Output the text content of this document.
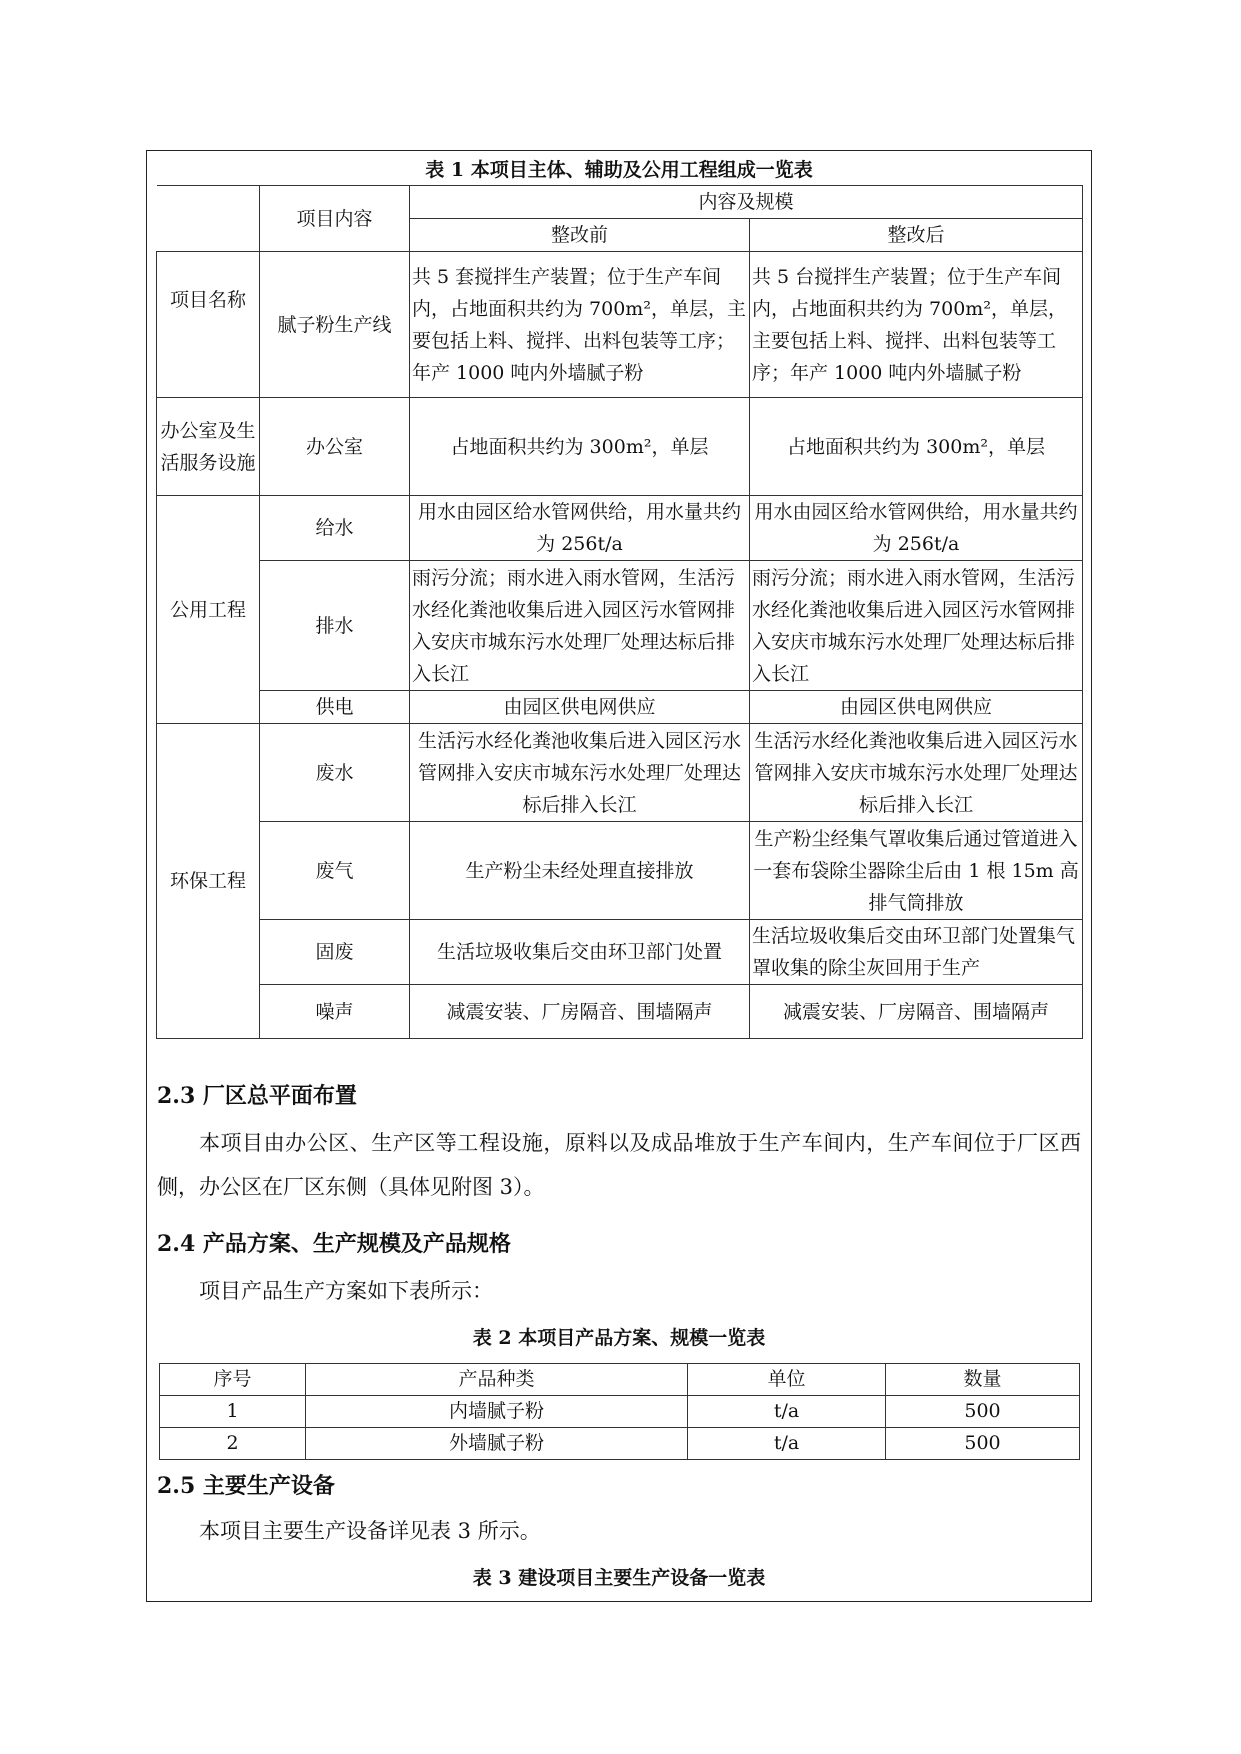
表 1 本项目主体、辅助及公用工程组成一览表
	项目内容	内容及规模	
		整改前	整改后
项目名称	腻子粉生产线	共 5 套搅拌生产装置；位于生产车间内，占地面积共约为 700m²，单层，主要包括上料、搅拌、出料包装等工序；年产 1000 吨内外墙腻子粉	共 5 台搅拌生产装置；位于生产车间内，占地面积共约为 700m²，单层，主要包括上料、搅拌、出料包装等工序；年产 1000 吨内外墙腻子粉
办公室及生活服务设施	办公室	占地面积共约为 300m²，单层	占地面积共约为 300m²，单层
公用工程	给水	用水由园区给水管网供给，用水量共约为 256t/a	用水由园区给水管网供给，用水量共约为 256t/a
	排水	雨污分流；雨水进入雨水管网，生活污水经化粪池收集后进入园区污水管网排入安庆市城东污水处理厂处理达标后排入长江	雨污分流；雨水进入雨水管网，生活污水经化粪池收集后进入园区污水管网排入安庆市城东污水处理厂处理达标后排入长江
	供电	由园区供电网供应	由园区供电网供应
环保工程	废水	生活污水经化粪池收集后进入园区污水管网排入安庆市城东污水处理厂处理达标后排入长江	生活污水经化粪池收集后进入园区污水管网排入安庆市城东污水处理厂处理达标后排入长江
	废气	生产粉尘未经处理直接排放	生产粉尘经集气罩收集后通过管道进入一套布袋除尘器除尘后由 1 根 15m 高排气筒排放
	固废	生活垃圾收集后交由环卫部门处置	生活垃圾收集后交由环卫部门处置集气罩收集的除尘灰回用于生产
	噪声	减震安装、厂房隔音、围墙隔声	减震安装、厂房隔音、围墙隔声
2.3 厂区总平面布置
本项目由办公区、生产区等工程设施，原料以及成品堆放于生产车间内，生产车间位于厂区西侧，办公区在厂区东侧（具体见附图 3）。
2.4 产品方案、生产规模及产品规格
项目产品生产方案如下表所示：
表 2 本项目产品方案、规模一览表
序号	产品种类	单位	数量
1	内墙腻子粉	t/a	500
2	外墙腻子粉	t/a	500
2.5 主要生产设备
本项目主要生产设备详见表 3 所示。
表 3 建设项目主要生产设备一览表
